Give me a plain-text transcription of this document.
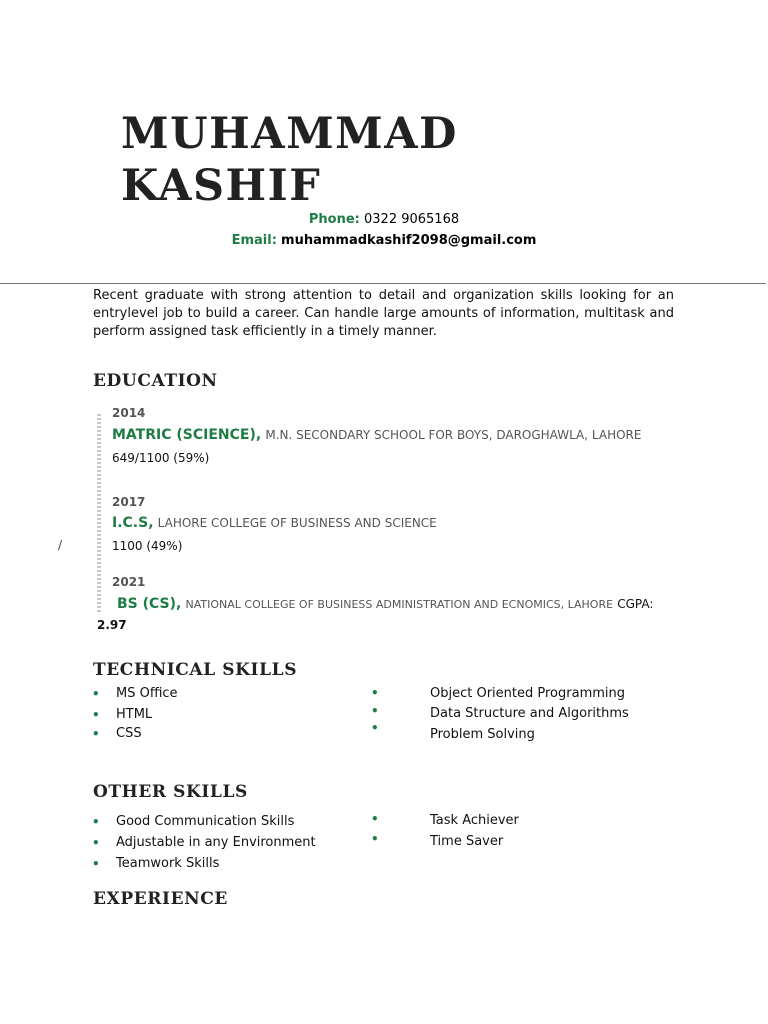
MUHAMMAD
KASHIF
Phone: 0322 9065168
Email: muhammadkashif2098@gmail.com
Recent graduate with strong attention to detail and organization skills looking for an entrylevel job to build a career. Can handle large amounts of information, multitask and perform assigned task efficiently in a timely manner.
EDUCATION
/
2014
MATRIC (SCIENCE), M.N. SECONDARY SCHOOL FOR BOYS, DAROGHAWLA, LAHORE
649/1100 (59%)
2017
I.C.S, LAHORE COLLEGE OF BUSINESS AND SCIENCE
1100 (49%)
2021
BS (CS), NATIONAL COLLEGE OF BUSINESS ADMINISTRATION AND ECNOMICS, LAHORE CGPA:
2.97
TECHNICAL SKILLS
• MS Office
• HTML
• CSS
•	Object Oriented Programming
•	Data Structure and Algorithms
•	Problem Solving
OTHER SKILLS
• Good Communication Skills
• Adjustable in any Environment
• Teamwork Skills
•	Task Achiever
•	Time Saver
EXPERIENCE
